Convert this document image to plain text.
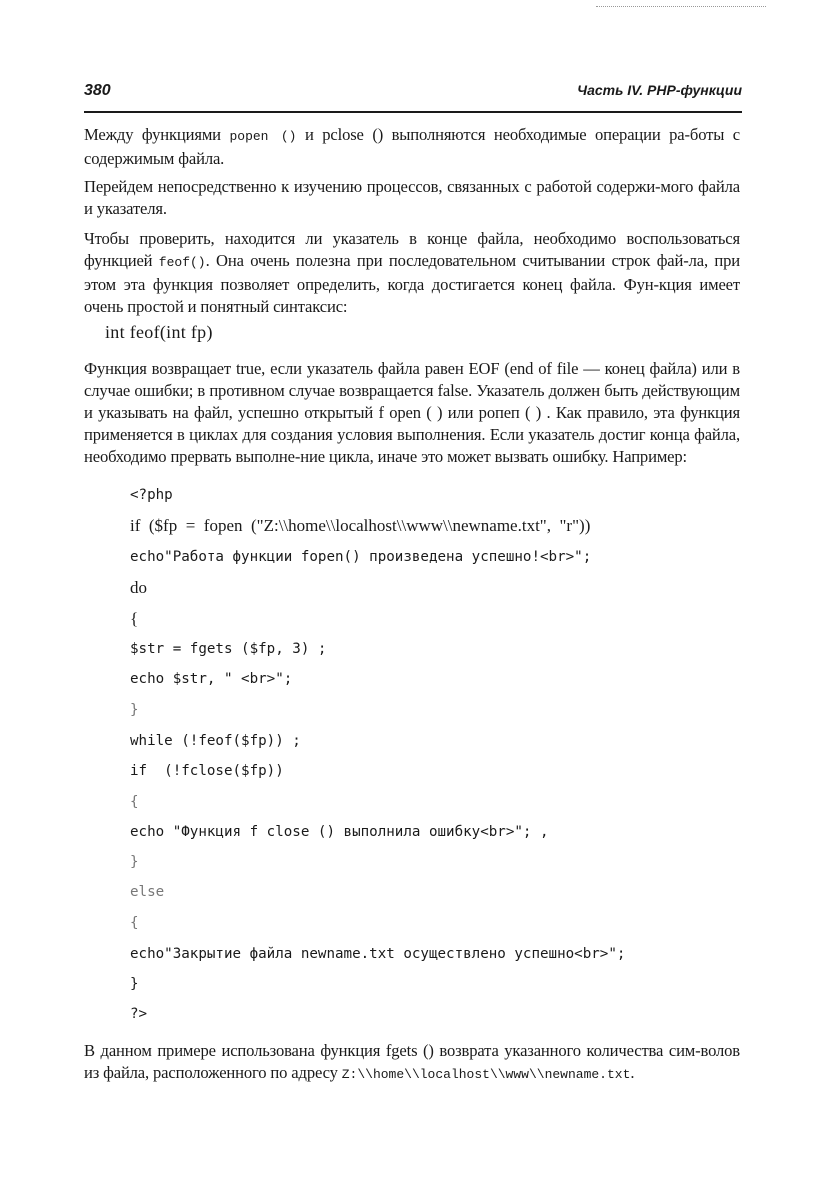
380	Часть IV. PHP-функции
Между функциями popen () и pclose () выполняются необходимые операции ра-боты с содержимым файла.
Перейдем непосредственно к изучению процессов, связанных с работой содержи-мого файла и указателя.
Чтобы проверить, находится ли указатель в конце файла, необходимо воспользоваться функцией feof(). Она очень полезна при последовательном считывании строк фай-ла, при этом эта функция позволяет определить, когда достигается конец файла. Фун-кция имеет очень простой и понятный синтаксис:
int feof(int fp)
Функция возвращает true, если указатель файла равен EOF (end of file — конец файла) или в случае ошибки; в противном случае возвращается false. Указатель должен быть действующим и указывать на файл, успешно открытый f open ( ) или ропеп ( ) . Как правило, эта функция применяется в циклах для создания условия выполнения. Если указатель достиг конца файла, необходимо прервать выполне-ние цикла, иначе это может вызвать ошибку. Например:
<?php
if  ($fp  =  fopen  ("Z:\\home\\localhost\\www\\newname.txt",  "r"))
echo"Работа функции fopen() произведена успешно!<br>";
do
{
$str = fgets ($fp, 3) ;
echo $str, " <br>";
}
while (!feof($fp)) ;
if  (!fclose($fp))
{
echo "Функция f close () выполнила ошибку<br>"; ,
}
else
{
echo"Закрытие файла newname.txt осуществлено успешно<br>";
}
?>
В данном примере использована функция fgets () возврата указанного количества сим-волов из файла, расположенного по адресу Z:\\home\\localhost\\www\\newname.txt.
